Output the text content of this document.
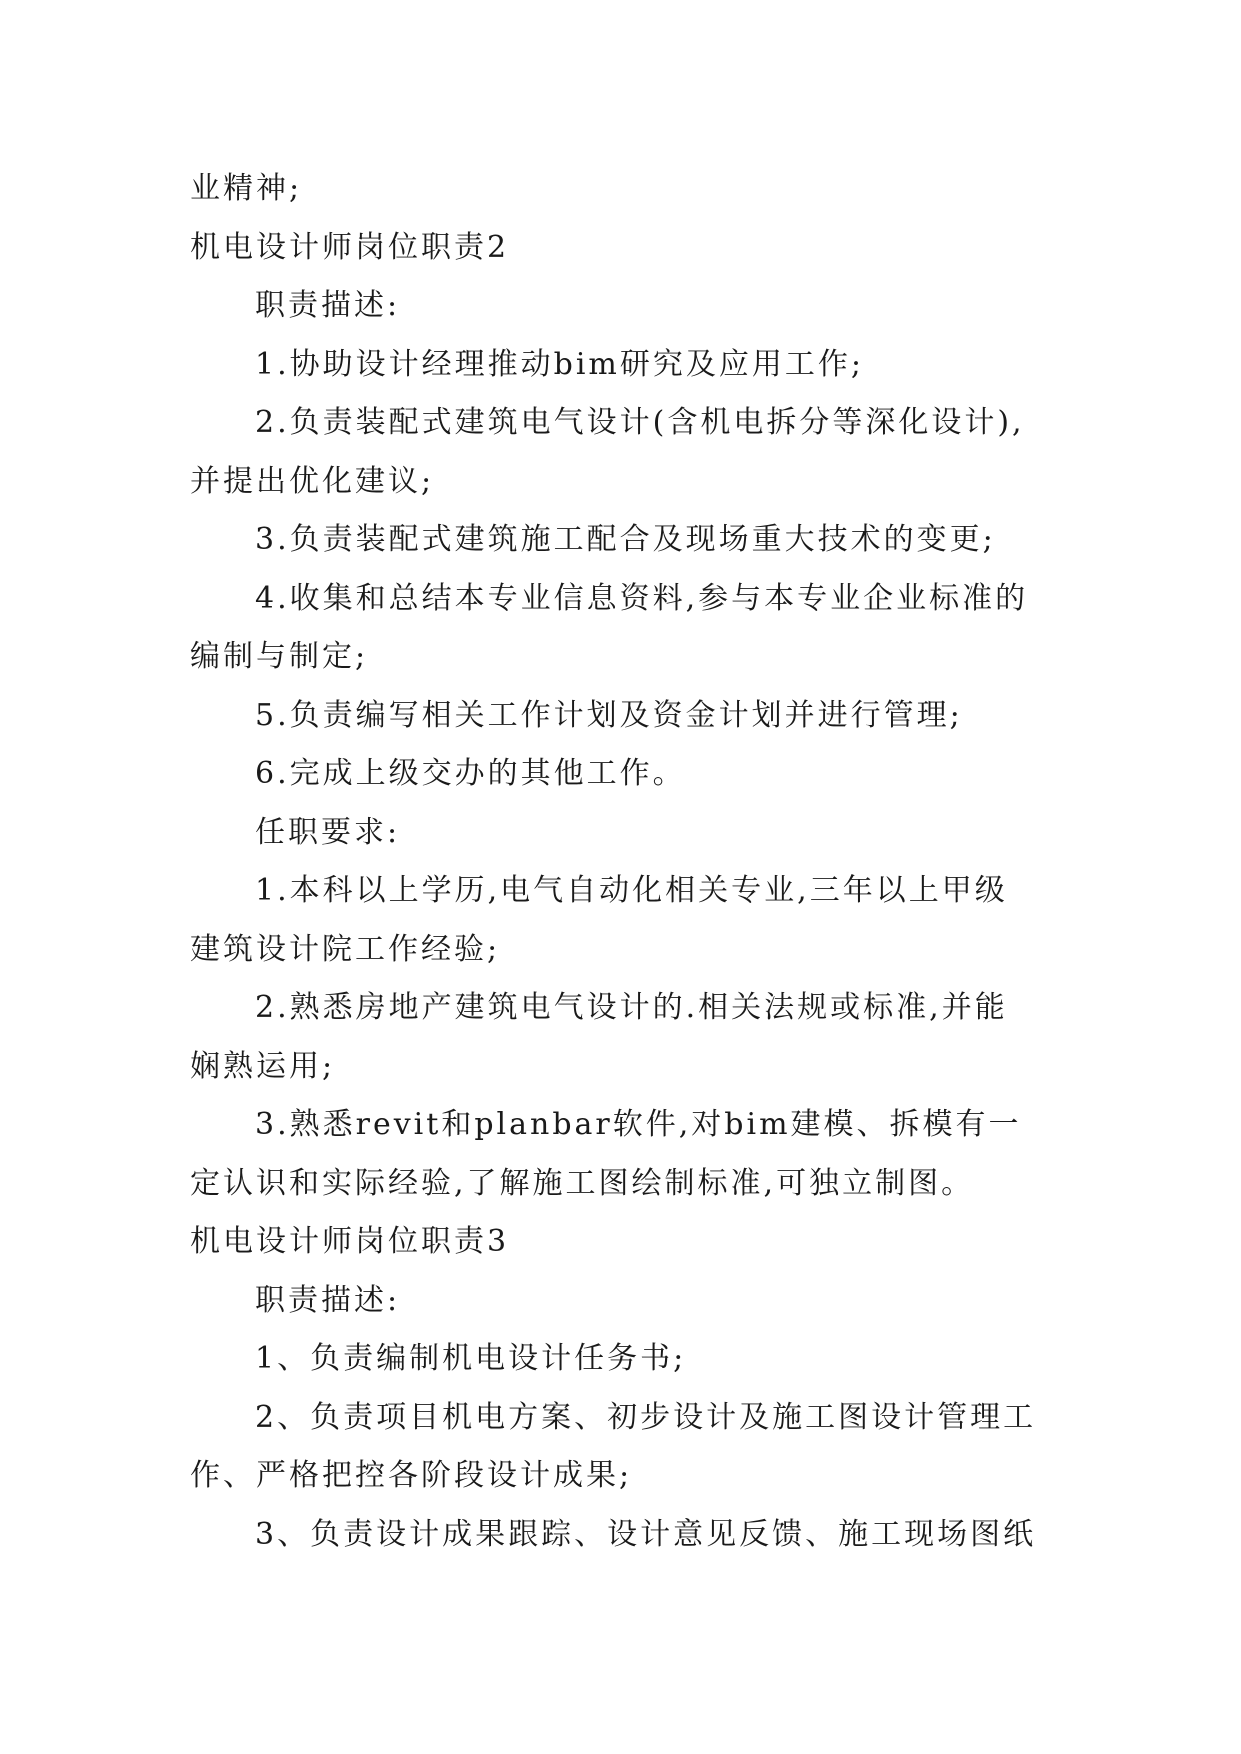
业精神;
机电设计师岗位职责2
职责描述:
1.协助设计经理推动bim研究及应用工作;
2.负责装配式建筑电气设计(含机电拆分等深化设计),
并提出优化建议;
3.负责装配式建筑施工配合及现场重大技术的变更;
4.收集和总结本专业信息资料,参与本专业企业标准的
编制与制定;
5.负责编写相关工作计划及资金计划并进行管理;
6.完成上级交办的其他工作。
任职要求:
1.本科以上学历,电气自动化相关专业,三年以上甲级
建筑设计院工作经验;
2.熟悉房地产建筑电气设计的.相关法规或标准,并能
娴熟运用;
3.熟悉revit和planbar软件,对bim建模、拆模有一
定认识和实际经验,了解施工图绘制标准,可独立制图。
机电设计师岗位职责3
职责描述:
1、负责编制机电设计任务书;
2、负责项目机电方案、初步设计及施工图设计管理工
作、严格把控各阶段设计成果;
3、负责设计成果跟踪、设计意见反馈、施工现场图纸
